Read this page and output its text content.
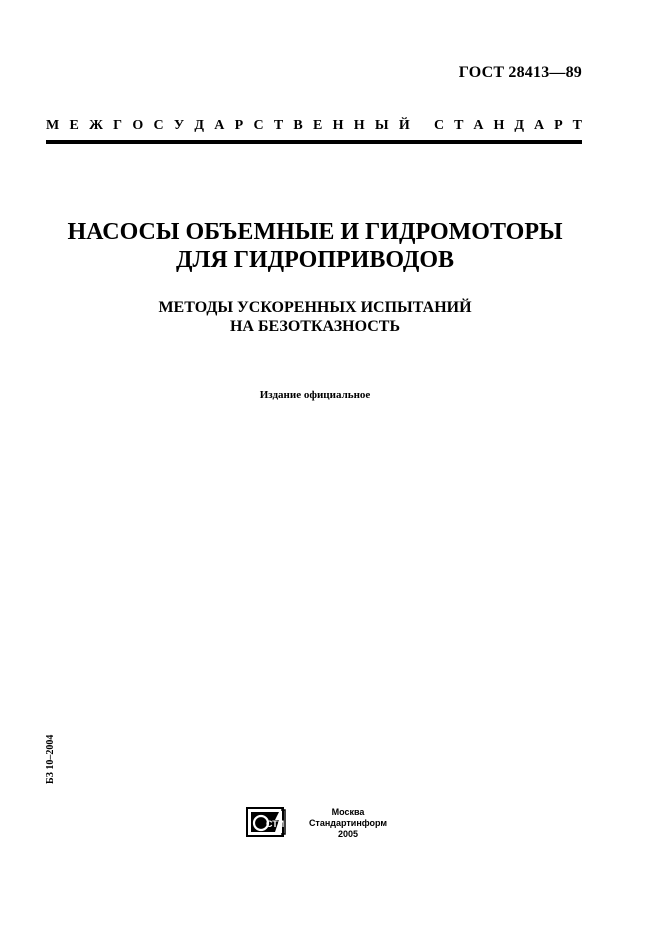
ГОСТ 28413—89
М Е Ж Г О С У Д А Р С Т В Е Н Н Ы Й С Т А Н Д А Р Т
НАСОСЫ ОБЪЕМНЫЕ И ГИДРОМОТОРЫ
ДЛЯ ГИДРОПРИВОДОВ
МЕТОДЫ УСКОРЕННЫХ ИСПЫТАНИЙ
НА БЕЗОТКАЗНОСТЬ
Издание официальное
БЗ 10–2004
СТИ
Москва
Стандартинформ
2005
